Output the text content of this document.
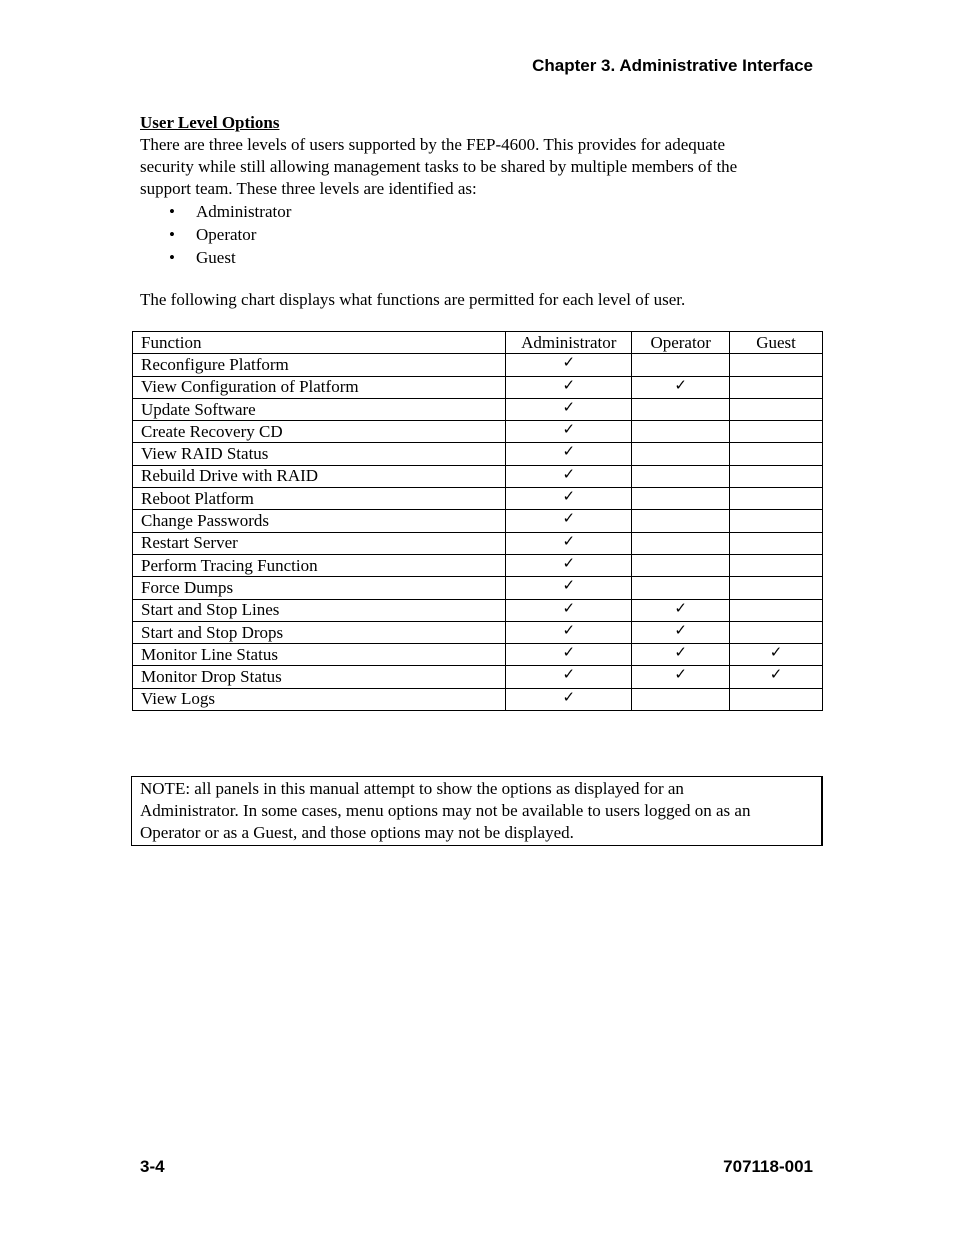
Chapter 3. Administrative Interface
User Level Options

There are three levels of users supported by the FEP-4600. This provides for adequate

security while still allowing management tasks to be shared by multiple members of the

support team. These three levels are identified as:

• Administrator
• Operator
• Guest
The following chart displays what functions are permitted for each level of user.
Function	Administrator	Operator	Guest
Reconfigure Platform	✓		
View Configuration of Platform	✓	✓	
Update Software	✓		
Create Recovery CD	✓		
View RAID Status	✓		
Rebuild Drive with RAID	✓		
Reboot Platform	✓		
Change Passwords	✓		
Restart Server	✓		
Perform Tracing Function	✓		
Force Dumps	✓		
Start and Stop Lines	✓	✓	
Start and Stop Drops	✓	✓	
Monitor Line Status	✓	✓	✓
Monitor Drop Status	✓	✓	✓
View Logs	✓		
NOTE: all panels in this manual attempt to show the options as displayed for an
Administrator. In some cases, menu options may not be available to users logged on as an
Operator or as a Guest, and those options may not be displayed.
3-4	707118-001
